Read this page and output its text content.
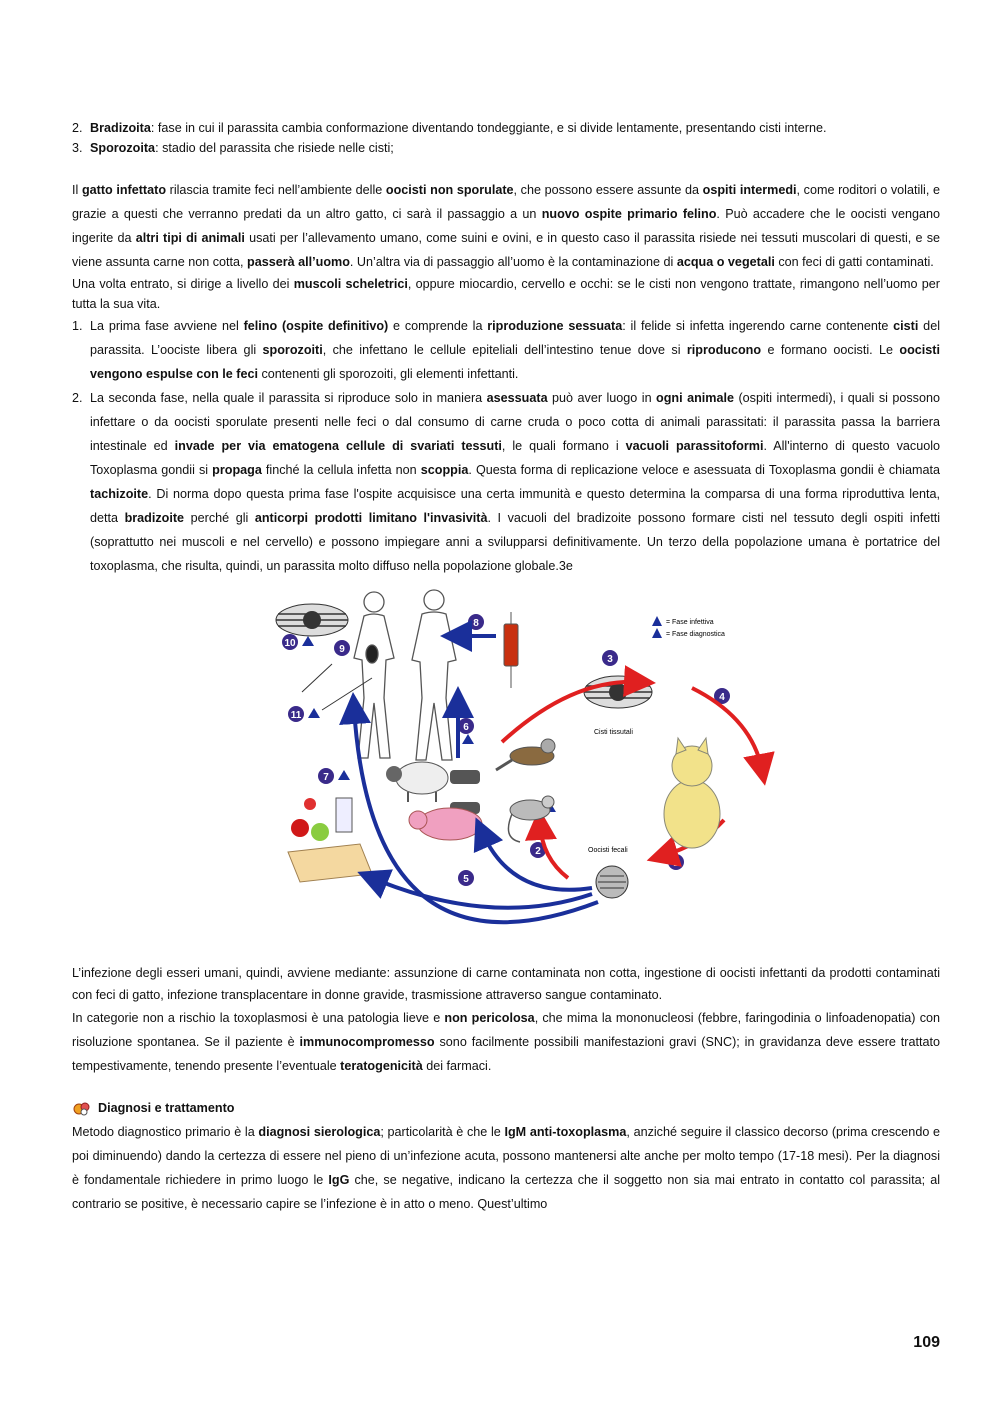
2. Bradizoita: fase in cui il parassita cambia conformazione diventando tondeggiante, e si divide lentamente, presentando cisti interne.
3. Sporozoita: stadio del parassita che risiede nelle cisti;

Il gatto infettato rilascia tramite feci nell’ambiente delle oocisti non sporulate, che possono essere assunte da ospiti intermedi, come roditori o volatili, e grazie a questi che verranno predati da un altro gatto, ci sarà il passaggio a un nuovo ospite primario felino. Può accadere che le oocisti vengano ingerite da altri tipi di animali usati per l’allevamento umano, come suini e ovini, e in questo caso il parassita risiede nei tessuti muscolari di questi, e se viene assunta carne non cotta, passerà all’uomo. Un’altra via di passaggio all’uomo è la contaminazione di acqua o vegetali con feci di gatti contaminati.

Una volta entrato, si dirige a livello dei muscoli scheletrici, oppure miocardio, cervello e occhi: se le cisti non vengono trattate, rimangono nell’uomo per tutta la sua vita.

1. La prima fase avviene nel felino (ospite definitivo) e comprende la riproduzione sessuata: il felide si infetta ingerendo carne contenente cisti del parassita. L’oociste libera gli sporozoiti, che infettano le cellule epiteliali dell’intestino tenue dove si riproducono e formano oocisti. Le oocisti vengono espulse con le feci contenenti gli sporozoiti, gli elementi infettanti.
2. La seconda fase, nella quale il parassita si riproduce solo in maniera asessuata può aver luogo in ogni animale (ospiti intermedi), i quali si possono infettare o da oocisti sporulate presenti nelle feci o dal consumo di carne cruda o poco cotta di animali parassitati: il parassita passa la barriera intestinale ed invade per via ematogena cellule di svariati tessuti, le quali formano i vacuoli parassitoformi. All'interno di questo vacuolo Toxoplasma gondii si propaga finché la cellula infetta non scoppia. Questa forma di replicazione veloce e asessuata di Toxoplasma gondii è chiamata tachizoite. Di norma dopo questa prima fase l'ospite acquisisce una certa immunità e questo determina la comparsa di una forma riproduttiva lenta, detta bradizoite perché gli anticorpi prodotti limitano l'invasività. I vacuoli del bradizoite possono formare cisti nel tessuto degli ospiti infetti (soprattutto nei muscoli e nel cervello) e possono impiegare anni a svilupparsi definitivamente. Un terzo della popolazione umana è portatrice del toxoplasma, che risulta, quindi, un parassita molto diffuso nella popolazione globale.3e
10
9
11
8
3
4
1
2
5
6
7
= Fase infettiva
= Fase diagnostica
Cisti tissutali
Oocisti fecali

L’infezione degli esseri umani, quindi, avviene mediante: assunzione di carne contaminata non cotta, ingestione di oocisti infettanti da prodotti contaminati con feci di gatto, infezione transplacentare in donne gravide, trasmissione attraverso sangue contaminato.

In categorie non a rischio la toxoplasmosi è una patologia lieve e non pericolosa, che mima la mononucleosi (febbre, faringodinia o linfoadenopatia) con risoluzione spontanea. Se il paziente è immunocompromesso sono facilmente possibili manifestazioni gravi (SNC); in gravidanza deve essere trattato tempestivamente, tenendo presente l’eventuale teratogenicità dei farmaci.

Diagnosi e trattamento

Metodo diagnostico primario è la diagnosi sierologica; particolarità è che le IgM anti-toxoplasma, anziché seguire il classico decorso (prima crescendo e poi diminuendo) dando la certezza di essere nel pieno di un’infezione acuta, possono mantenersi alte anche per molto tempo (17-18 mesi). Per la diagnosi è fondamentale richiedere in primo luogo le IgG che, se negative, indicano la certezza che il soggetto non sia mai entrato in contatto col parassita; al contrario se positive, è necessario capire se l’infezione è in atto o meno. Quest’ultimo

109
